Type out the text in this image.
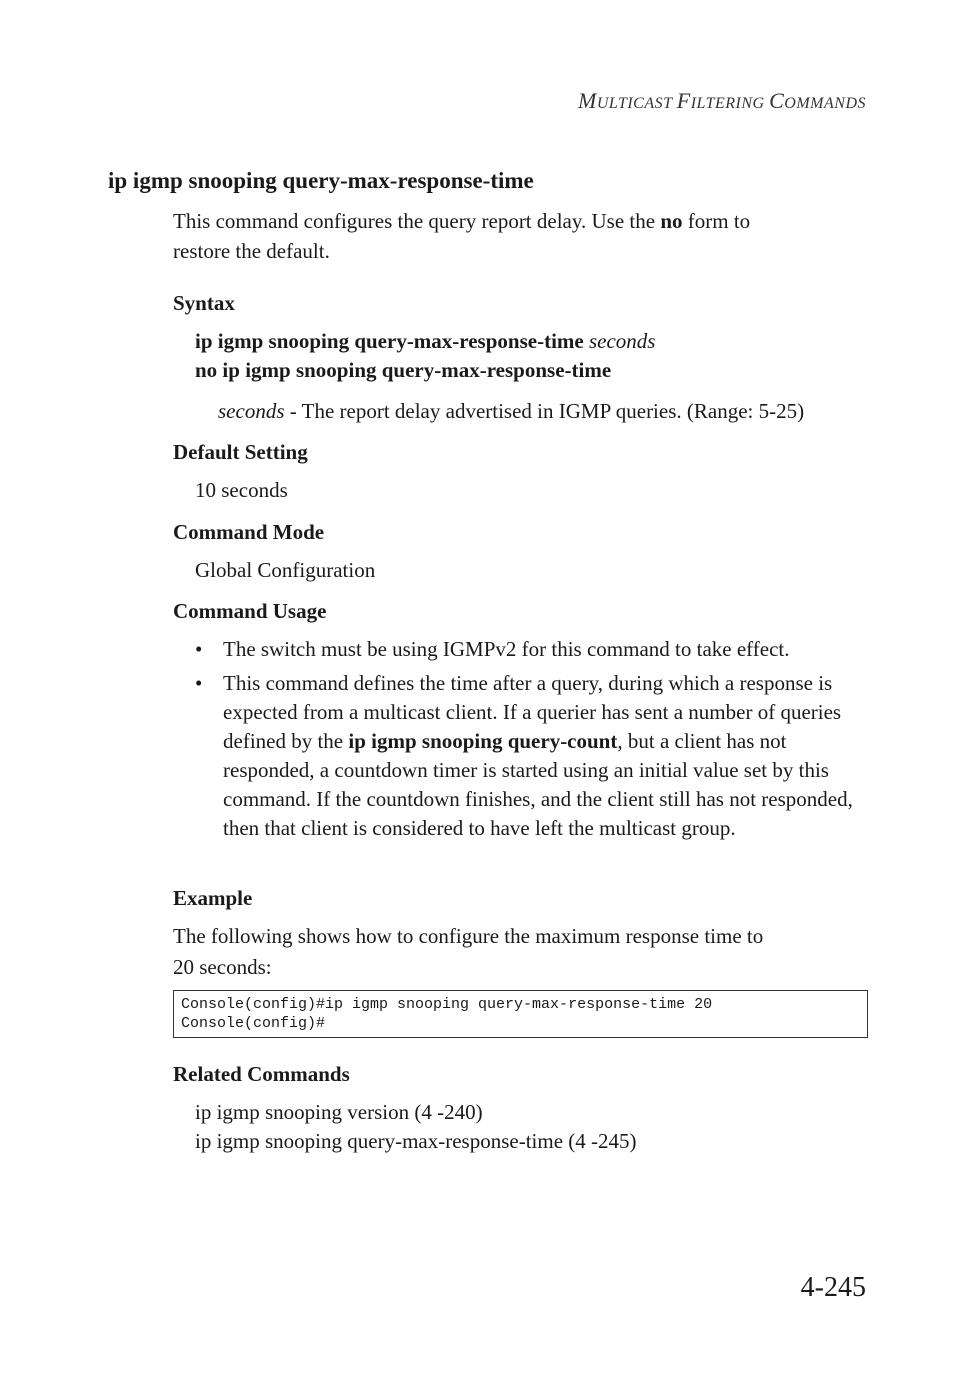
MULTICAST FILTERING COMMANDS
ip igmp snooping query-max-response-time
This command configures the query report delay. Use the no form to
restore the default.
Syntax
ip igmp snooping query-max-response-time seconds
no ip igmp snooping query-max-response-time
seconds - The report delay advertised in IGMP queries. (Range: 5-25)
Default Setting
10 seconds
Command Mode
Global Configuration
Command Usage
• The switch must be using IGMPv2 for this command to take effect.
• This command defines the time after a query, during which a response is expected from a multicast client. If a querier has sent a number of queries defined by the ip igmp snooping query-count, but a client has not responded, a countdown timer is started using an initial value set by this command. If the countdown finishes, and the client still has not responded, then that client is considered to have left the multicast group.
Example
The following shows how to configure the maximum response time to
20 seconds:
Console(config)#ip igmp snooping query-max-response-time 20
Console(config)#
Related Commands
ip igmp snooping version (4 -240)
ip igmp snooping query-max-response-time (4 -245)
4-245
